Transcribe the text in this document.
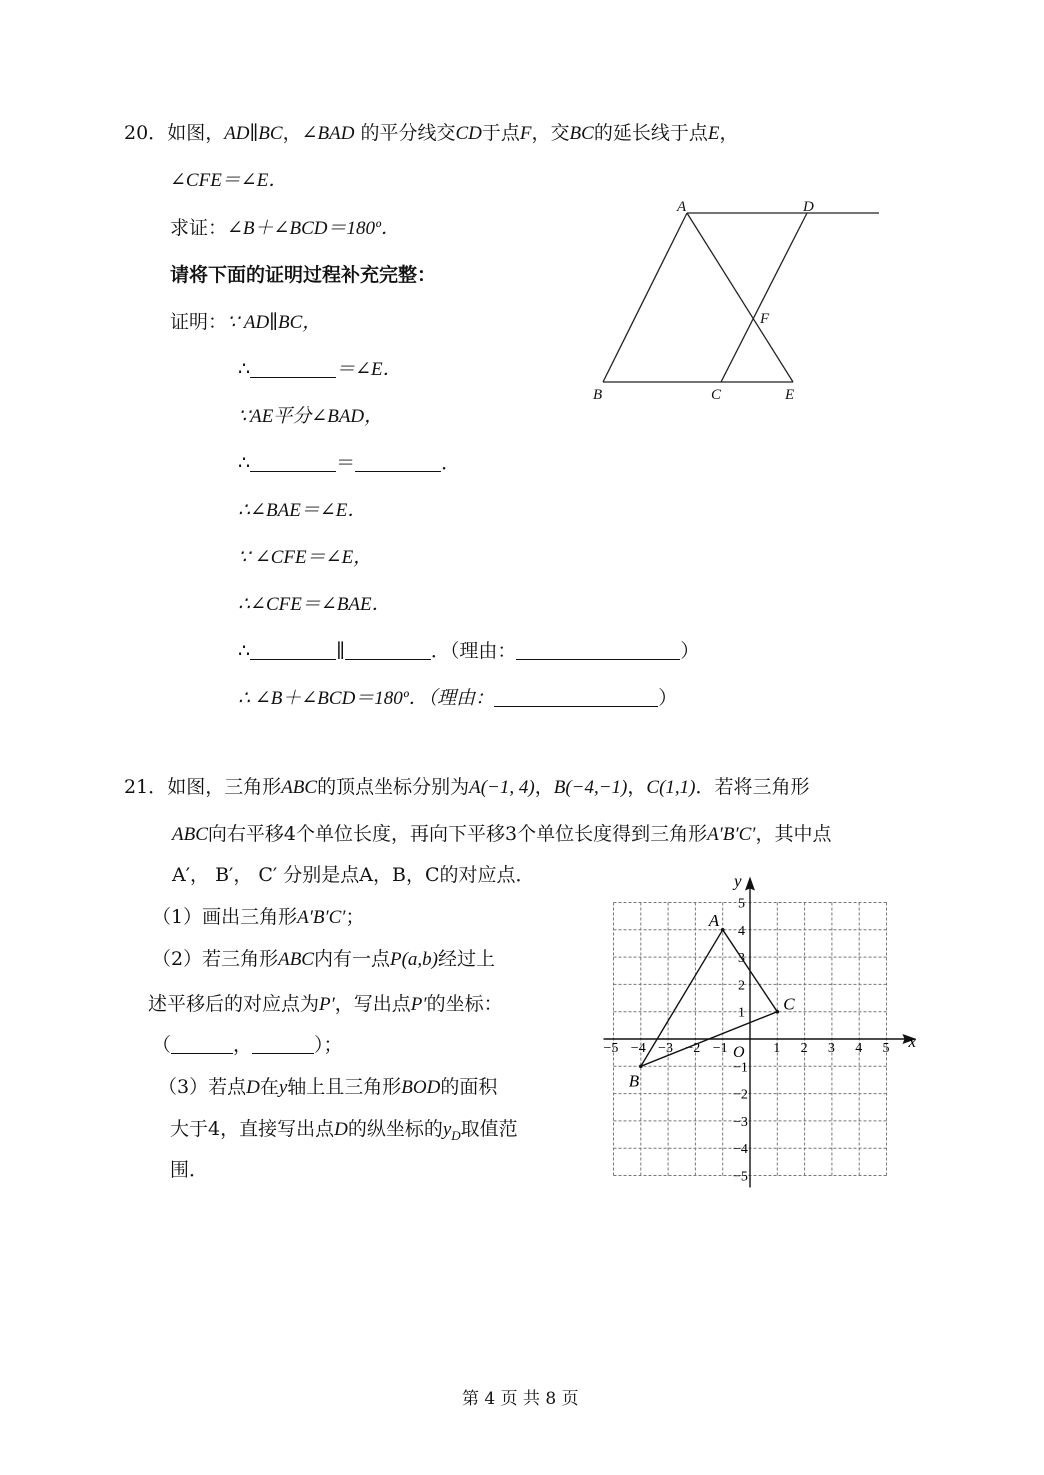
20．如图，AD∥BC，∠BAD 的平分线交CD于点F，交BC的延长线于点E，
∠CFE＝∠E．
求证：∠B＋∠BCD＝180º．
请将下面的证明过程补充完整：
证明：∵ AD∥BC，
∴	＝∠E．
∵AE平分∠BAD，
∴	＝	．
∴∠BAE＝∠E．
∵ ∠CFE＝∠E，
∴∠CFE＝∠BAE．
∴	∥	．（理由：	）
∴ ∠B＋∠BCD＝180º．（理由：	）
A	D
F
B	C	E
21．如图，三角形ABC的顶点坐标分别为A(−1, 4)，B(−4,−1)，C(1,1)．若将三角形
ABC向右平移4个单位长度，再向下平移3个单位长度得到三角形A′B′C′，其中点
A′， B′， C′ 分别是点A，B，C的对应点．
（1）画出三角形A′B′C′；
（2）若三角形ABC内有一点P(a,b)经过上
述平移后的对应点为P′，写出点P′的坐标：
（	，	）；
（3）若点D在y轴上且三角形BOD的面积
大于4，直接写出点D的纵坐标的$y_D$取值范
围．
x
y
O
−5 −4 −3 −2 −1	1 2 3 4 5
5
4
3
2
1
−1
−2
−3
−4
−5
A
B
C
第 4 页 共 8 页
